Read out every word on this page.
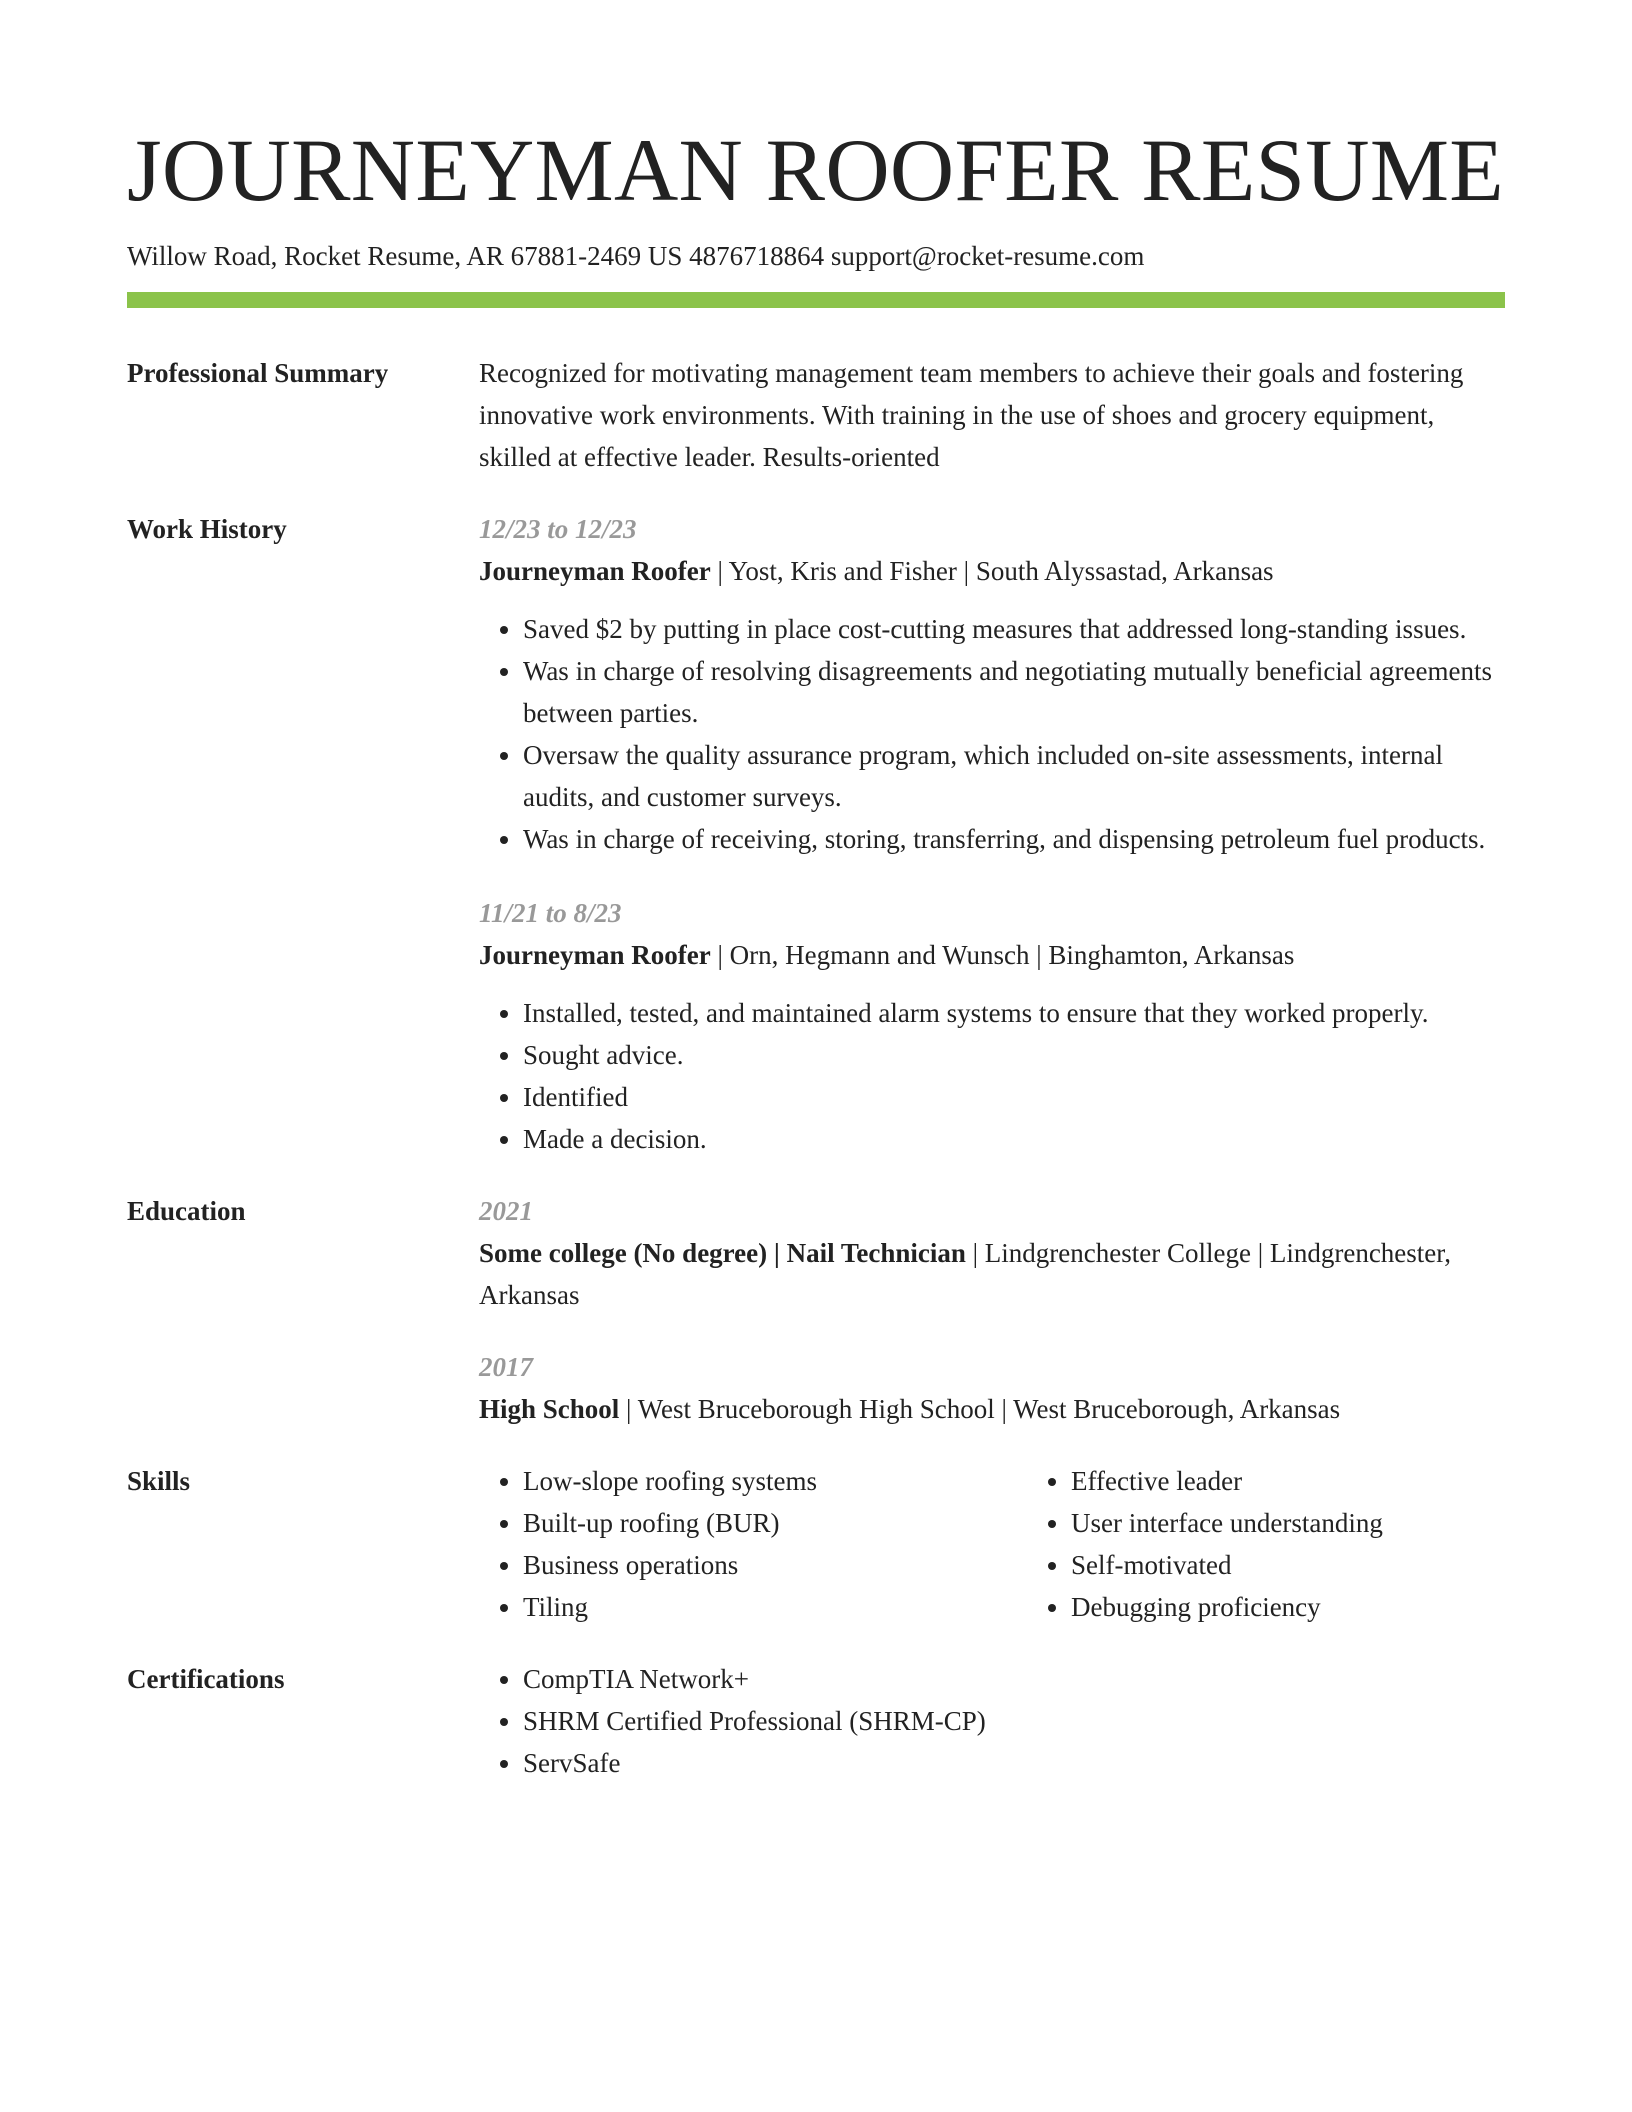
JOURNEYMAN ROOFER RESUME
Willow Road, Rocket Resume, AR 67881-2469 US 4876718864 support@rocket-resume.com
Professional Summary	Recognized for motivating management team members to achieve their goals and fostering innovative work environments. With training in the use of shoes and grocery equipment, skilled at effective leader. Results-oriented
Work History	12/23 to 12/23
Journeyman Roofer | Yost, Kris and Fisher | South Alyssastad, Arkansas
• Saved $2 by putting in place cost-cutting measures that addressed long-standing issues.
• Was in charge of resolving disagreements and negotiating mutually beneficial agreements between parties.
• Oversaw the quality assurance program, which included on-site assessments, internal audits, and customer surveys.
• Was in charge of receiving, storing, transferring, and dispensing petroleum fuel products.
11/21 to 8/23
Journeyman Roofer | Orn, Hegmann and Wunsch | Binghamton, Arkansas
• Installed, tested, and maintained alarm systems to ensure that they worked properly.
• Sought advice.
• Identified
• Made a decision.
Education	2021
Some college (No degree) | Nail Technician | Lindgrenchester College | Lindgrenchester, Arkansas
2017
High School | West Bruceborough High School | West Bruceborough, Arkansas
Skills	• Low-slope roofing systems
• Built-up roofing (BUR)
• Business operations
• Tiling
• Effective leader
• User interface understanding
• Self-motivated
• Debugging proficiency
Certifications	• CompTIA Network+
• SHRM Certified Professional (SHRM-CP)
• ServSafe
